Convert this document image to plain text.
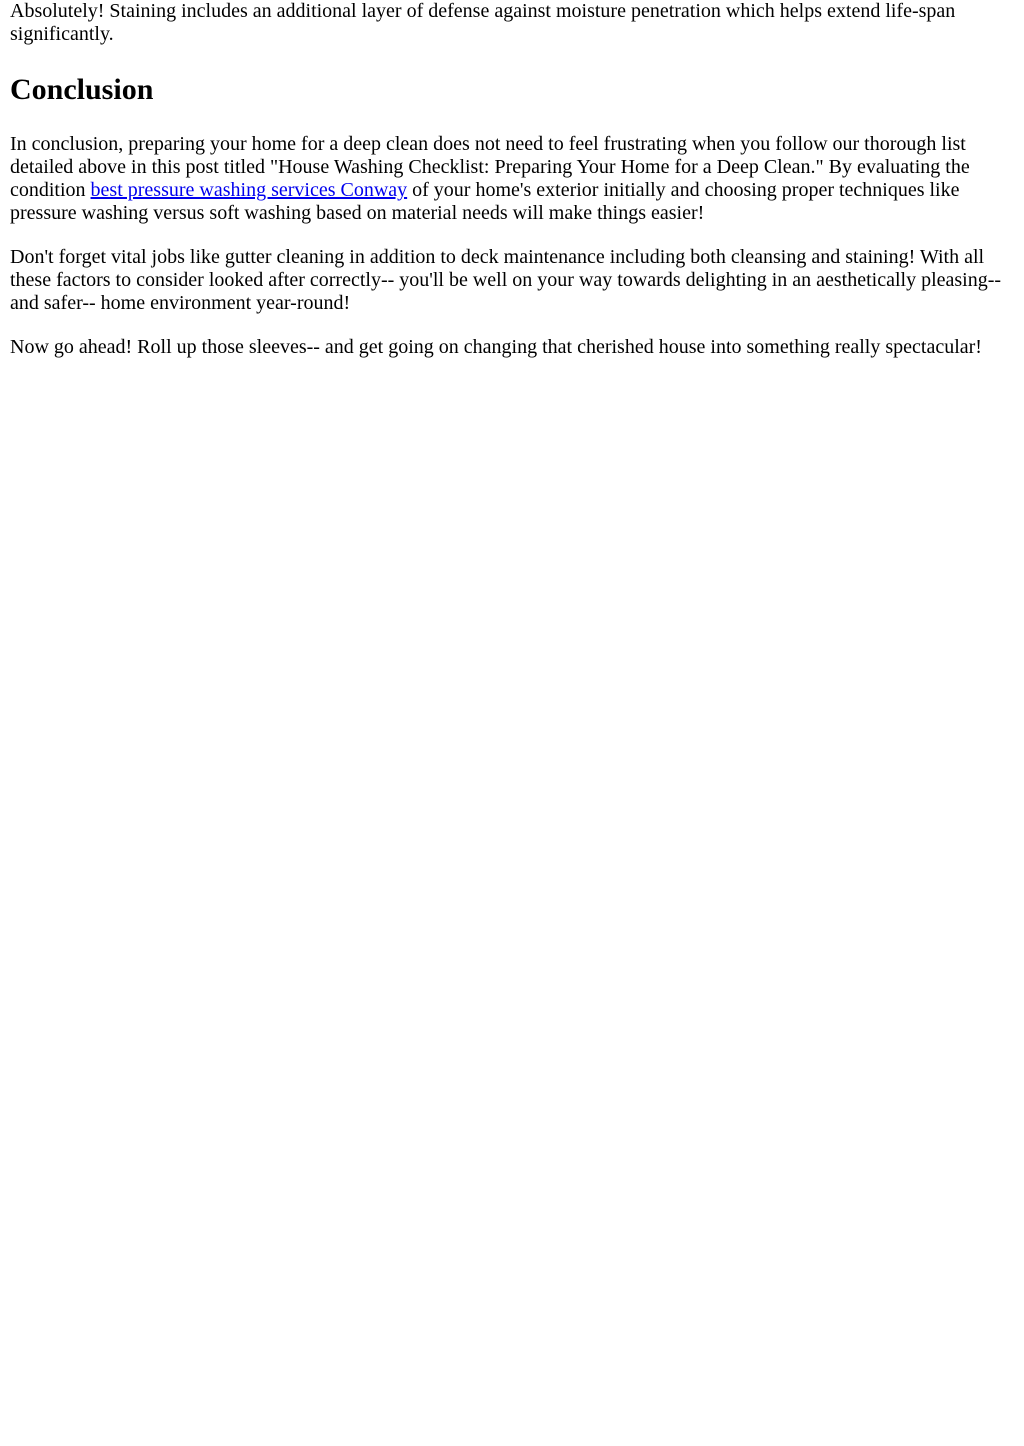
Absolutely! Staining includes an additional layer of defense against moisture penetration which helps extend life-span significantly.

Conclusion

In conclusion, preparing your home for a deep clean does not need to feel frustrating when you follow our thorough list detailed above in this post titled "House Washing Checklist: Preparing Your Home for a Deep Clean." By evaluating the condition best pressure washing services Conway of your home's exterior initially and choosing proper techniques like pressure washing versus soft washing based on material needs will make things easier!

Don't forget vital jobs like gutter cleaning in addition to deck maintenance including both cleansing and staining! With all these factors to consider looked after correctly-- you'll be well on your way towards delighting in an aesthetically pleasing-- and safer-- home environment year-round!

Now go ahead! Roll up those sleeves-- and get going on changing that cherished house into something really spectacular!
